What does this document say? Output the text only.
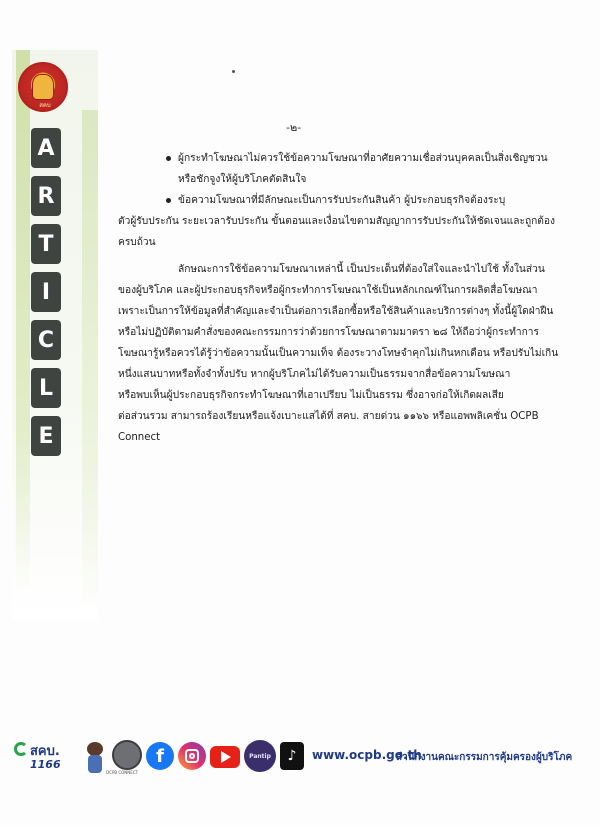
สคบ
A
R
T
I
C
L
E
-๒-
ผู้กระทำโฆษณาไม่ควรใช้ข้อความโฆษณาที่อาศัยความเชื่อส่วนบุคคลเป็นสิ่งเชิญชวน
หรือชักจูงให้ผู้บริโภคตัดสินใจ
ข้อความโฆษณาที่มีลักษณะเป็นการรับประกันสินค้า ผู้ประกอบธุรกิจต้องระบุ
ตัวผู้รับประกัน ระยะเวลารับประกัน ขั้นตอนและเงื่อนไขตามสัญญาการรับประกันให้ชัดเจนและถูกต้อง
ครบถ้วน
ลักษณะการใช้ข้อความโฆษณาเหล่านี้ เป็นประเด็นที่ต้องใส่ใจและนำไปใช้ ทั้งในส่วน
ของผู้บริโภค และผู้ประกอบธุรกิจหรือผู้กระทำการโฆษณาใช้เป็นหลักเกณฑ์ในการผลิตสื่อโฆษณา
เพราะเป็นการให้ข้อมูลที่สำคัญและจำเป็นต่อการเลือกซื้อหรือใช้สินค้าและบริการต่างๆ ทั้งนี้ผู้ใดฝ่าฝืน
หรือไม่ปฏิบัติตามคำสั่งของคณะกรรมการว่าด้วยการโฆษณาตามมาตรา ๒๘ ให้ถือว่าผู้กระทำการ
โฆษณารู้หรือควรได้รู้ว่าข้อความนั้นเป็นความเท็จ ต้องระวางโทษจำคุกไม่เกินหกเดือน หรือปรับไม่เกิน
หนึ่งแสนบาทหรือทั้งจำทั้งปรับ หากผู้บริโภคไม่ได้รับความเป็นธรรมจากสื่อข้อความโฆษณา
หรือพบเห็นผู้ประกอบธุรกิจกระทำโฆษณาที่เอาเปรียบ ไม่เป็นธรรม ซึ่งอาจก่อให้เกิดผลเสีย
ต่อส่วนรวม สามารถร้องเรียนหรือแจ้งเบาะแสได้ที่ สคบ. สายด่วน ๑๑๖๖ หรือแอพพลิเคชั่น OCPB
Connect
สคบ.
1166
OCPB CONNECT
f	Pantip ♪ www.ocpb.go.th
สำนักงานคณะกรรมการคุ้มครองผู้บริโภค
